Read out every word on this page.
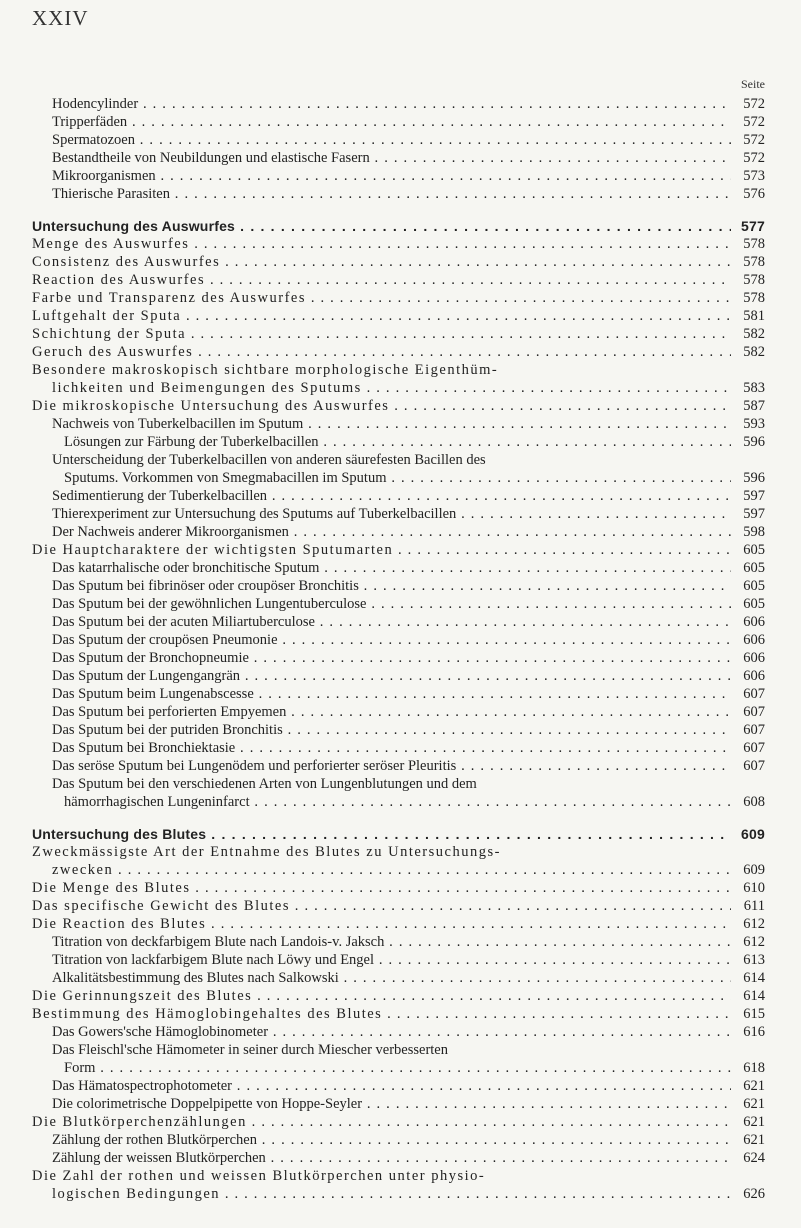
XXIV
Seite
Hodencylinder . . .	572
Tripperfäden . . .	572
Spermatozoen . . .	572
Bestandtheile von Neubildungen und elastische Fasern . . .	572
Mikroorganismen . . .	573
Thierische Parasiten . . .	576
Untersuchung des Auswurfes . . .	577
Menge des Auswurfes . . .	578
Consistenz des Auswurfes . . .	578
Reaction des Auswurfes . . .	578
Farbe und Transparenz des Auswurfes . . .	578
Luftgehalt der Sputa . . .	581
Schichtung der Sputa . . .	582
Geruch des Auswurfes . . .	582
Besondere makroskopisch sichtbare morphologische Eigenthüm-
lichkeiten und Beimengungen des Sputums . . .	583
Die mikroskopische Untersuchung des Auswurfes . . .	587
Nachweis von Tuberkelbacillen im Sputum . . .	593
Lösungen zur Färbung der Tuberkelbacillen . . .	596
Unterscheidung der Tuberkelbacillen von anderen säurefesten Bacillen des
Sputums. Vorkommen von Smegmabacillen im Sputum . . .	596
Sedimentierung der Tuberkelbacillen . . .	597
Thierexperiment zur Untersuchung des Sputums auf Tuberkelbacillen . . .	597
Der Nachweis anderer Mikroorganismen . . .	598
Die Hauptcharaktere der wichtigsten Sputumarten . . .	605
Das katarrhalische oder bronchitische Sputum . . .	605
Das Sputum bei fibrinöser oder croupöser Bronchitis . . .	605
Das Sputum bei der gewöhnlichen Lungentuberculose . . .	605
Das Sputum bei der acuten Miliartuberculose . . .	606
Das Sputum der croupösen Pneumonie . . .	606
Das Sputum der Bronchopneumie . . .	606
Das Sputum der Lungengangrän . . .	606
Das Sputum beim Lungenabscesse . . .	607
Das Sputum bei perforierten Empyemen . . .	607
Das Sputum bei der putriden Bronchitis . . .	607
Das Sputum bei Bronchiektasie . . .	607
Das seröse Sputum bei Lungenödem und perforierter seröser Pleuritis . . .	607
Das Sputum bei den verschiedenen Arten von Lungenblutungen und dem
hämorrhagischen Lungeninfarct . . .	608
Untersuchung des Blutes . . .	609
Zweckmässigste Art der Entnahme des Blutes zu Untersuchungs-
zwecken . . .	609
Die Menge des Blutes . . .	610
Das specifische Gewicht des Blutes . . .	611
Die Reaction des Blutes . . .	612
Titration von deckfarbigem Blute nach Landois-v. Jaksch . . .	612
Titration von lackfarbigem Blute nach Löwy und Engel . . .	613
Alkalitätsbestimmung des Blutes nach Salkowski . . .	614
Die Gerinnungszeit des Blutes . . .	614
Bestimmung des Hämoglobingehaltes des Blutes . . .	615
Das Gowers'sche Hämoglobinometer . . .	616
Das Fleischl'sche Hämometer in seiner durch Miescher verbesserten
Form . . .	618
Das Hämatospectrophotometer . . .	621
Die colorimetrische Doppelpipette von Hoppe-Seyler . . .	621
Die Blutkörperchenzählungen . . .	621
Zählung der rothen Blutkörperchen . . .	621
Zählung der weissen Blutkörperchen . . .	624
Die Zahl der rothen und weissen Blutkörperchen unter physio-
logischen Bedingungen . . .	626
